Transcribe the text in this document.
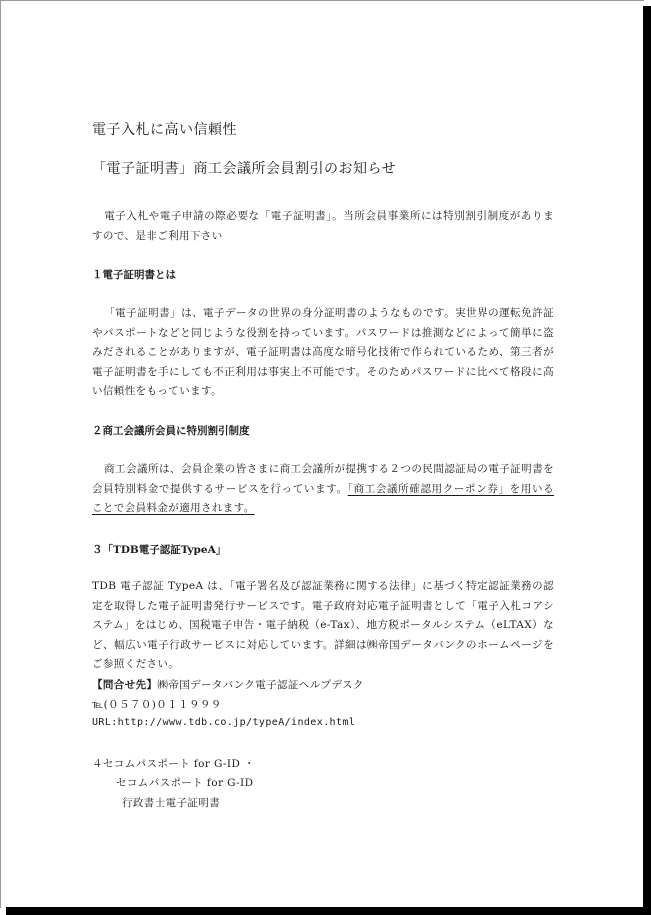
電子入札に高い信頼性
「電子証明書」商工会議所会員割引のお知らせ
電子入札や電子申請の際必要な「電子証明書」。当所会員事業所には特別割引制度がありますので、是非ご利用下さい
１電子証明書とは
「電子証明書」は、電子データの世界の身分証明書のようなものです。実世界の運転免許証やパスポートなどと同じような役割を持っています。パスワードは推測などによって簡単に盗みだされることがありますが、電子証明書は高度な暗号化技術で作られているため、第三者が電子証明書を手にしても不正利用は事実上不可能です。そのためパスワードに比べて格段に高い信頼性をもっています。
２商工会議所会員に特別割引制度
商工会議所は、会員企業の皆さまに商工会議所が提携する２つの民間認証局の電子証明書を会員特別料金で提供するサービスを行っています。「商工会議所確認用クーポン券」を用いることで会員料金が適用されます。
３「TDB電子認証TypeA」
TDB 電子認証 TypeA は、「電子署名及び認証業務に関する法律」に基づく特定認証業務の認定を取得した電子証明書発行サービスです。電子政府対応電子証明書として「電子入札コアシステム」をはじめ、国税電子申告・電子納税（e-Tax）、地方税ポータルシステム（eLTAX）など、幅広い電子行政サービスに対応しています。詳細は㈱帝国データバンクのホームページをご参照ください。
【問合せ先】㈱帝国データバンク電子認証ヘルプデスク
℡(０５７０)０１１９９９
URL:http://www.tdb.co.jp/typeA/index.html
４セコムパスポート for G-ID ・
セコムパスポート for G-ID
行政書士電子証明書
